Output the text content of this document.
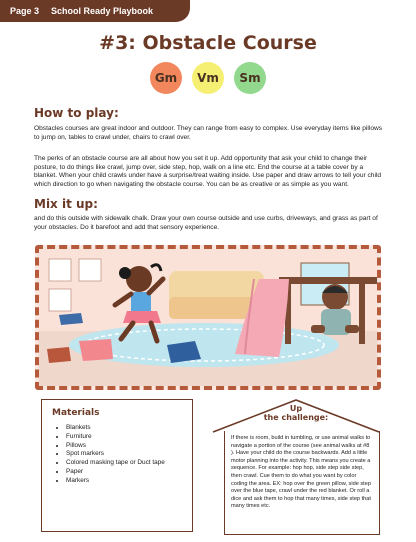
Page 3 School Ready Playbook
#3: Obstacle Course
Gm	Vm	Sm
How to play:
Obstacles courses are great indoor and outdoor. They can range from easy to complex. Use everyday items like pillows to jump on, tables to crawl under, chairs to crawl over.
The perks of an obstacle course are all about how you set it up. Add opportunity that ask your child to change their posture, to do things like crawl, jump over, side step, hop, walk on a line etc. End the course at a table cover by a blanket. When your child crawls under have a surprise/treat waiting inside. Use paper and draw arrows to tell your child which direction to go when navigating the obstacle course. You can be as creative or as simple as you want.
Mix it up:
and do this outside with sidewalk chalk. Draw your own course outside and use curbs, driveways, and grass as part of your obstacles. Do it barefoot and add that sensory experience.
Materials
• Blankets
• Furniture
• Pillows
• Spot markers
• Colored masking tape or Duct tape
• Paper
• Markers
Up
the challenge:
If there is room, build in tumbling, or use animal walks to navigate a portion of the course (see animal walks at #8 ). Have your child do the course backwards. Add a little motor planning into the activity. This means you create a sequence. For example: hop hop, side step side step, then crawl. Cue them to do what you want by color coding the area. EX: hop over the green pillow, side step over the blue tape, crawl under the red blanket. Or roll a dice and ask them to hop that many times, side step that many times etc.
